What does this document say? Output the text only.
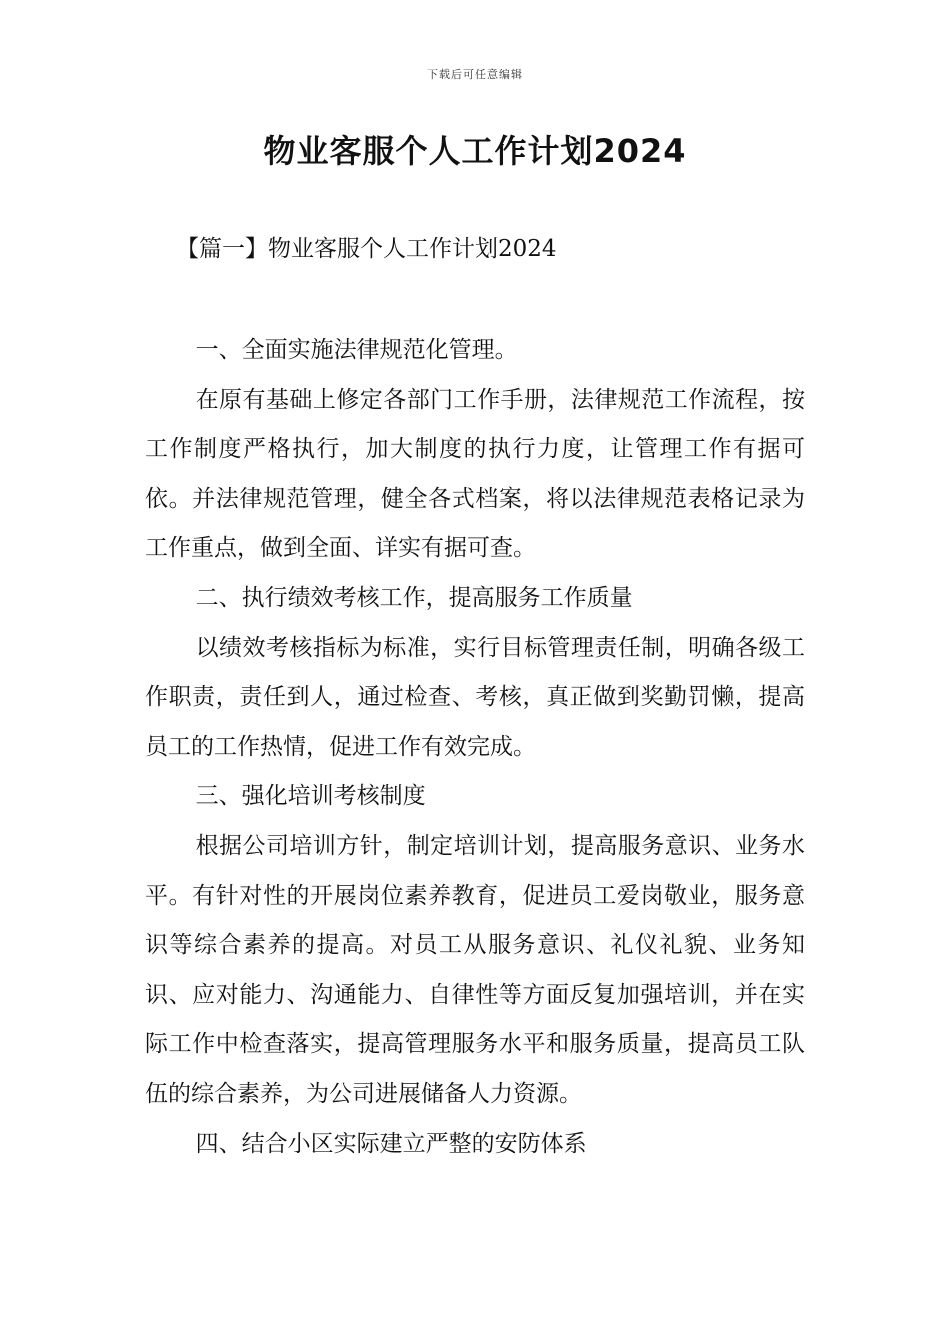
下载后可任意编辑
物业客服个人工作计划2024
【篇一】物业客服个人工作计划2024

一、全面实施法律规范化管理。

在原有基础上修定各部门工作手册，法律规范工作流程，按工作制度严格执行，加大制度的执行力度，让管理工作有据可依。并法律规范管理，健全各式档案，将以法律规范表格记录为工作重点，做到全面、详实有据可查。

二、执行绩效考核工作，提高服务工作质量

以绩效考核指标为标准，实行目标管理责任制，明确各级工作职责，责任到人，通过检查、考核，真正做到奖勤罚懒，提高员工的工作热情，促进工作有效完成。

三、强化培训考核制度

根据公司培训方针，制定培训计划，提高服务意识、业务水平。有针对性的开展岗位素养教育，促进员工爱岗敬业，服务意识等综合素养的提高。对员工从服务意识、礼仪礼貌、业务知识、应对能力、沟通能力、自律性等方面反复加强培训，并在实际工作中检查落实，提高管理服务水平和服务质量，提高员工队伍的综合素养，为公司进展储备人力资源。

四、结合小区实际建立严整的安防体系
